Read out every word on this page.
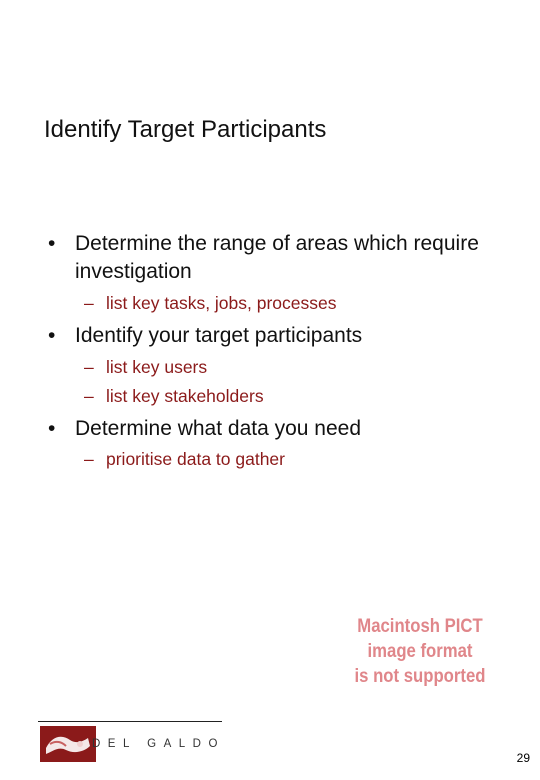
Identify Target Participants
• Determine the range of areas which require investigation
– list key tasks, jobs, processes
• Identify your target participants
– list key users
– list key stakeholders
• Determine what data you need
– prioritise data to gather
Macintosh PICT
image format
is not supported
DEL GALDO
29
